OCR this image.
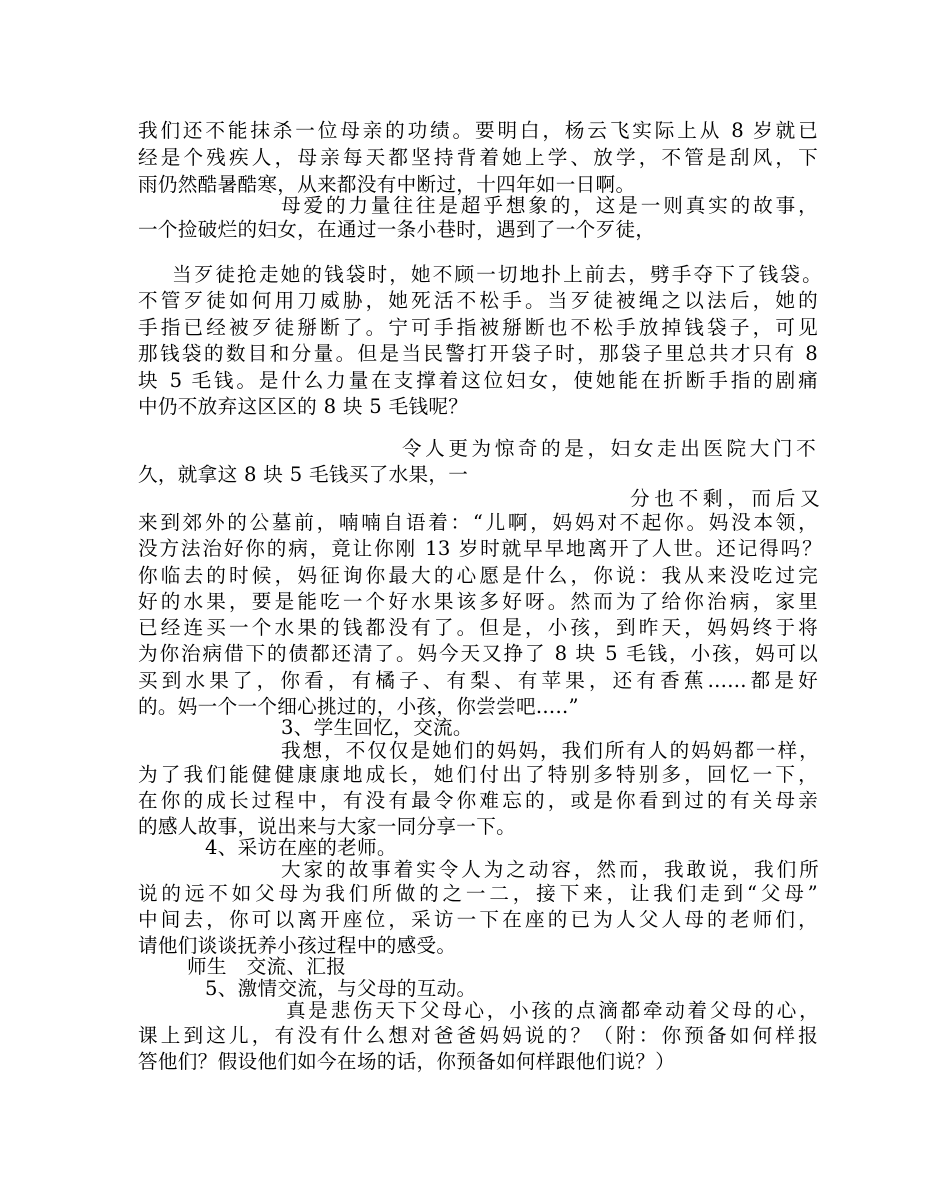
我们还不能抹杀一位母亲的功绩。要明白，杨云飞实际上从 8 岁就已
经是个残疾人，母亲每天都坚持背着她上学、放学，不管是刮风，下
雨仍然酷暑酷寒，从来都没有中断过，十四年如一日啊。
母爱的力量往往是超乎想象的，这是一则真实的故事，
一个捡破烂的妇女，在通过一条小巷时，遇到了一个歹徒，
当歹徒抢走她的钱袋时，她不顾一切地扑上前去，劈手夺下了钱袋。
不管歹徒如何用刀威胁，她死活不松手。当歹徒被绳之以法后，她的
手指已经被歹徒掰断了。宁可手指被掰断也不松手放掉钱袋子，可见
那钱袋的数目和分量。但是当民警打开袋子时，那袋子里总共才只有 8
块 5 毛钱。是什么力量在支撑着这位妇女，使她能在折断手指的剧痛
中仍不放弃这区区的 8 块 5 毛钱呢？
令人更为惊奇的是，妇女走出医院大门不
久，就拿这 8 块 5 毛钱买了水果，一
分也不剩，而后又
来到郊外的公墓前，喃喃自语着：“儿啊，妈妈对不起你。妈没本领，
没方法治好你的病，竟让你刚 13 岁时就早早地离开了人世。还记得吗？
你临去的时候，妈征询你最大的心愿是什么，你说：我从来没吃过完
好的水果，要是能吃一个好水果该多好呀。然而为了给你治病，家里
已经连买一个水果的钱都没有了。但是，小孩，到昨天，妈妈终于将
为你治病借下的债都还清了。妈今天又挣了 8 块 5 毛钱，小孩，妈可以
买到水果了，你看，有橘子、有梨、有苹果，还有香蕉......都是好
的。妈一个一个细心挑过的，小孩，你尝尝吧.....”
3、学生回忆，交流。
我想，不仅仅是她们的妈妈，我们所有人的妈妈都一样，
为了我们能健健康康地成长，她们付出了特别多特别多，回忆一下，
在你的成长过程中，有没有最令你难忘的，或是你看到过的有关母亲
的感人故事，说出来与大家一同分享一下。
4、采访在座的老师。
大家的故事着实令人为之动容，然而，我敢说，我们所
说的远不如父母为我们所做的之一二，接下来，让我们走到“父母”
中间去，你可以离开座位，采访一下在座的已为人父人母的老师们，
请他们谈谈抚养小孩过程中的感受。
师生　交流、汇报
5、激情交流，与父母的互动。
真是悲伤天下父母心，小孩的点滴都牵动着父母的心，
课上到这儿，有没有什么想对爸爸妈妈说的？（附：你预备如何样报
答他们？假设他们如今在场的话，你预备如何样跟他们说？）
